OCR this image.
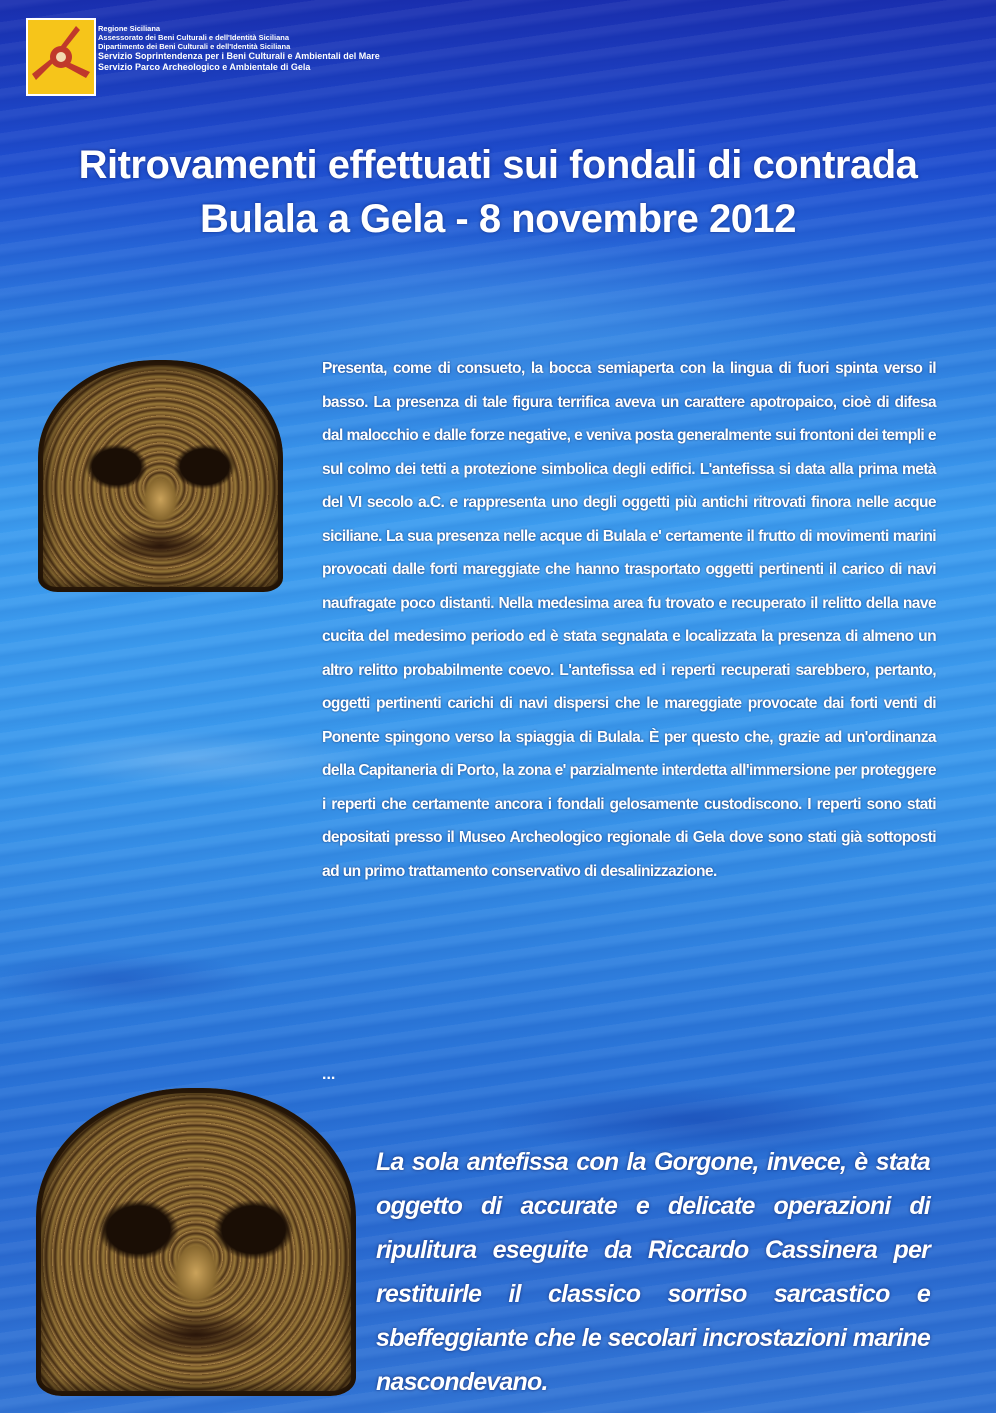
Regione Siciliana
Assessorato dei Beni Culturali e dell'Identità Siciliana
Dipartimento dei Beni Culturali e dell'Identità Siciliana
Servizio Soprintendenza per i Beni Culturali e Ambientali del Mare
Servizio Parco Archeologico e Ambientale di Gela
Ritrovamenti effettuati sui fondali di contrada
Bulala a Gela - 8 novembre 2012
Presenta, come di consueto, la bocca semiaperta con la lingua di fuori spinta verso il basso. La presenza di tale figura terrifica aveva un carattere apotropaico, cioè di difesa dal malocchio e dalle forze negative, e veniva posta generalmente sui frontoni dei templi e sul colmo dei tetti a protezione simbolica degli edifici. L'antefissa si data alla prima metà del VI secolo a.C. e rappresenta uno degli oggetti più antichi ritrovati finora nelle acque siciliane. La sua presenza nelle acque di Bulala e' certamente il frutto di movimenti marini provocati dalle forti mareggiate che hanno trasportato oggetti pertinenti il carico di navi naufragate poco distanti. Nella medesima area fu trovato e recuperato il relitto della nave cucita del medesimo periodo ed è stata segnalata e localizzata la presenza di almeno un altro relitto probabilmente coevo. L'antefissa ed i reperti recuperati sarebbero, pertanto, oggetti pertinenti carichi di navi dispersi che le mareggiate provocate dai forti venti di Ponente spingono verso la spiaggia di Bulala. È per questo che, grazie ad un'ordinanza della Capitaneria di Porto, la zona e' parzialmente interdetta all'immersione per proteggere i reperti che certamente ancora i fondali gelosamente custodiscono. I reperti sono stati depositati presso il Museo Archeologico regionale di Gela dove sono stati già sottoposti ad un primo trattamento conservativo di desalinizzazione.
...
La sola antefissa con la Gorgone, invece, è stata oggetto di accurate e delicate operazioni di ripulitura eseguite da Riccardo Cassinera per restituirle il classico sorriso sarcastico e sbeffeggiante che le secolari incrostazioni marine nascondevano.
